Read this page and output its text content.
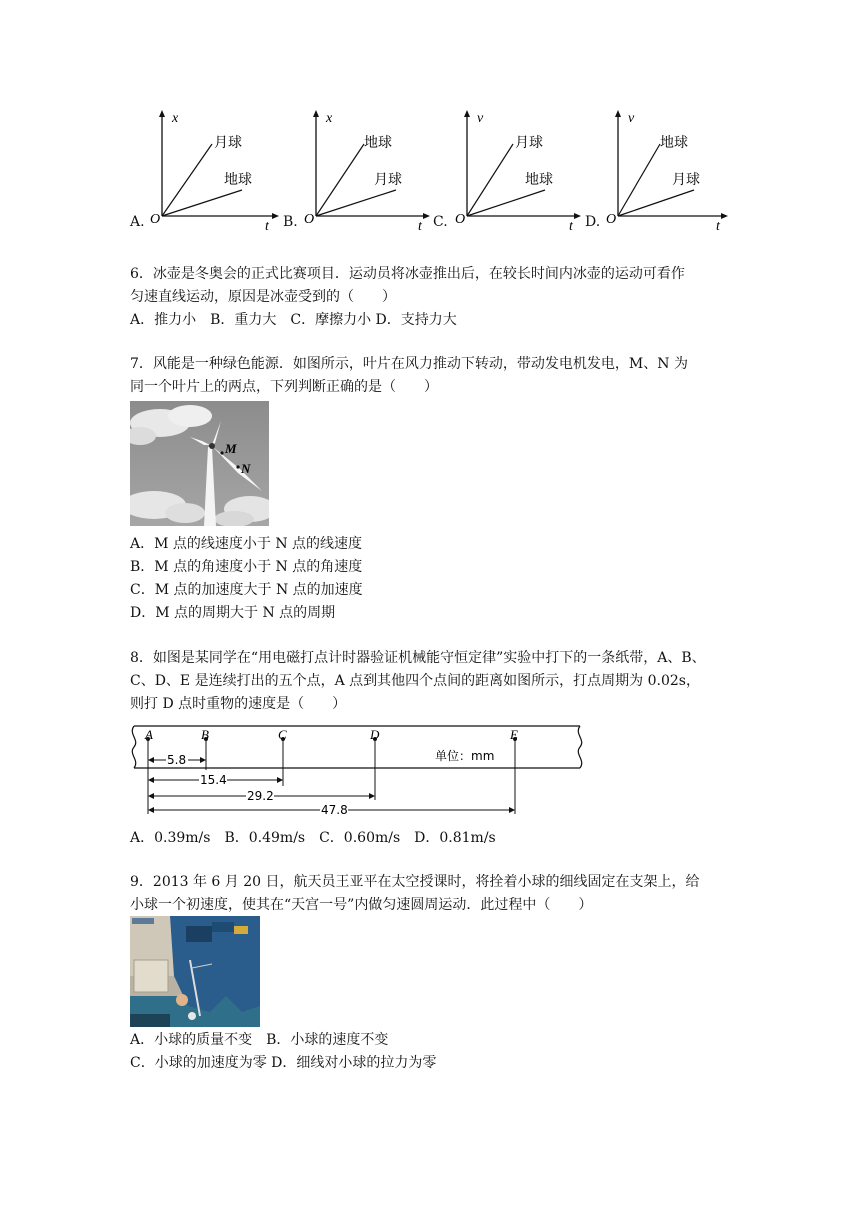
A.
x
O	t
月球
地球
B.
x
O	t
地球
月球
C.
v
O	t
月球
地球
D.
v
O	t
地球
月球
6．冰壶是冬奥会的正式比赛项目．运动员将冰壶推出后，在较长时间内冰壶的运动可看作
匀速直线运动，原因是冰壶受到的（　　）
A．推力小　B．重力大　C．摩擦力小 D．支持力大
7．风能是一种绿色能源．如图所示，叶片在风力推动下转动，带动发电机发电，M、N 为
同一个叶片上的两点，下列判断正确的是（　　）
M
N
A．M 点的线速度小于 N 点的线速度
B．M 点的角速度小于 N 点的角速度
C．M 点的加速度大于 N 点的加速度
D．M 点的周期大于 N 点的周期
8．如图是某同学在“用电磁打点计时器验证机械能守恒定律”实验中打下的一条纸带，A、B、
C、D、E 是连续打出的五个点，A 点到其他四个点间的距离如图所示，打点周期为 0.02s，
则打 D 点时重物的速度是（　　）
A	B	C	D	E
单位：mm
5.8
15.4
29.2
47.8
A．0.39m/s　B．0.49m/s　C．0.60m/s　D．0.81m/s
9．2013 年 6 月 20 日，航天员王亚平在太空授课时，将拴着小球的细线固定在支架上，给
小球一个初速度，使其在“天宫一号”内做匀速圆周运动．此过程中（　　）
A．小球的质量不变　B．小球的速度不变
C．小球的加速度为零 D．细线对小球的拉力为零
